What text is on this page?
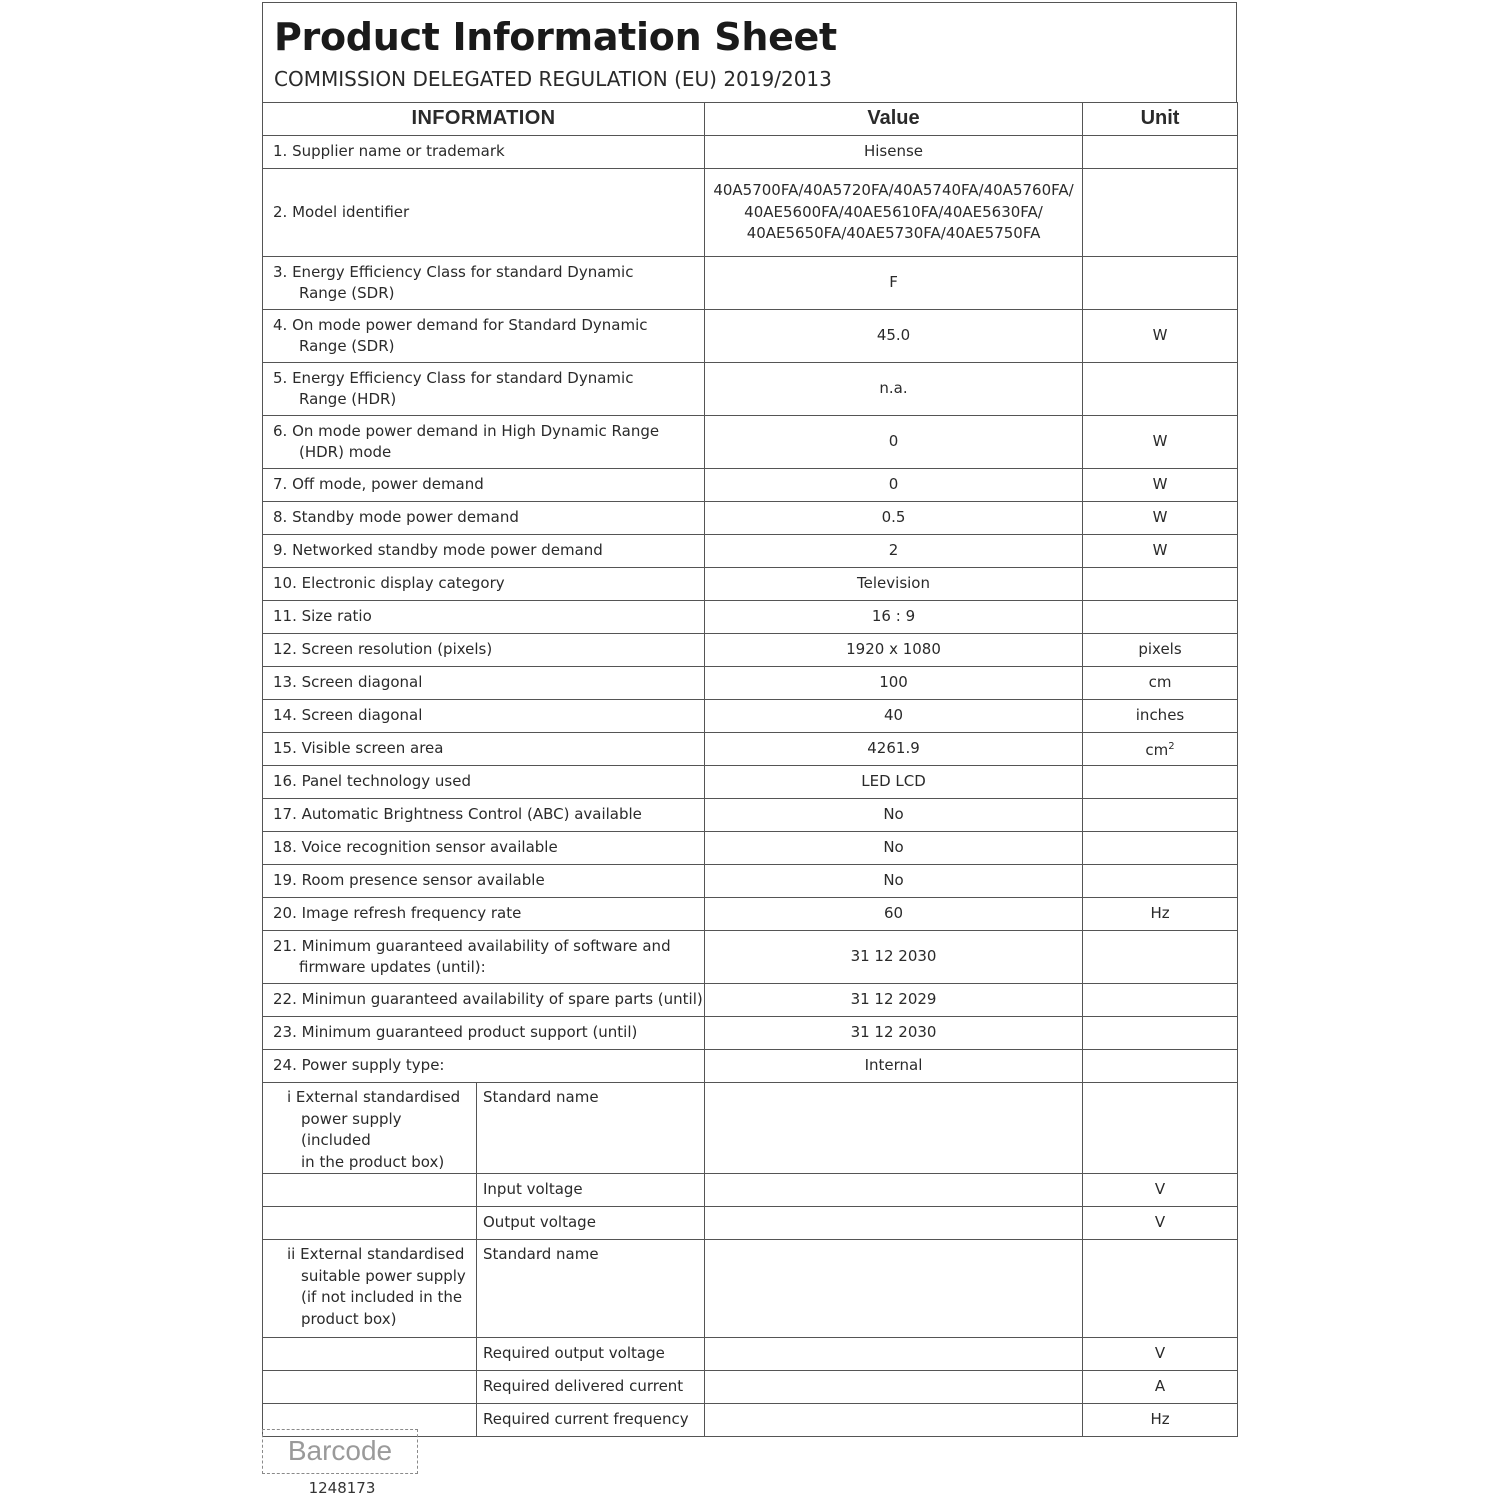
Product Information Sheet
COMMISSION DELEGATED REGULATION (EU) 2019/2013
INFORMATION		Value	Unit
1. Supplier name or trademark		Hisense	
2. Model identifier		40A5700FA/40A5720FA/40A5740FA/40A5760FA/
40AE5600FA/40AE5610FA/40AE5630FA/
40AE5650FA/40AE5730FA/40AE5750FA	

3. Energy Efficiency Class for standard Dynamic
Range (SDR)		F	

4. On mode power demand for Standard Dynamic
Range (SDR)		45.0	W

5. Energy Efficiency Class for standard Dynamic
Range (HDR)		n.a.	

6. On mode power demand in High Dynamic Range
(HDR) mode		0	W
7. Off mode, power demand		0	W
8. Standby mode power demand		0.5	W
9. Networked standby mode power demand		2	W
10. Electronic display category		Television	
11. Size ratio		16 : 9	
12. Screen resolution (pixels)		1920 x 1080	pixels
13. Screen diagonal		100	cm
14. Screen diagonal		40	inches
15. Visible screen area		4261.9	$cm^2$
16. Panel technology used		LED LCD	
17. Automatic Brightness Control (ABC) available		No	
18. Voice recognition sensor available		No	
19. Room presence sensor available		No	
20. Image refresh frequency rate		60	Hz

21. Minimum guaranteed availability of software and
firmware updates (until):		31 12 2030	
22. Minimun guaranteed availability of spare parts (until)		31 12 2029	
23. Minimum guaranteed product support (until)		31 12 2030	
24. Power supply type:		Internal	

i External standardised
power supply (included
in the product box)	Standard name		
	Input voltage		V
	Output voltage		V

ii External standardised
suitable power supply
(if not included in the
product box)	Standard name		
	Required output voltage		V
	Required delivered current		A
	Required current frequency		Hz
Barcode
1248173
